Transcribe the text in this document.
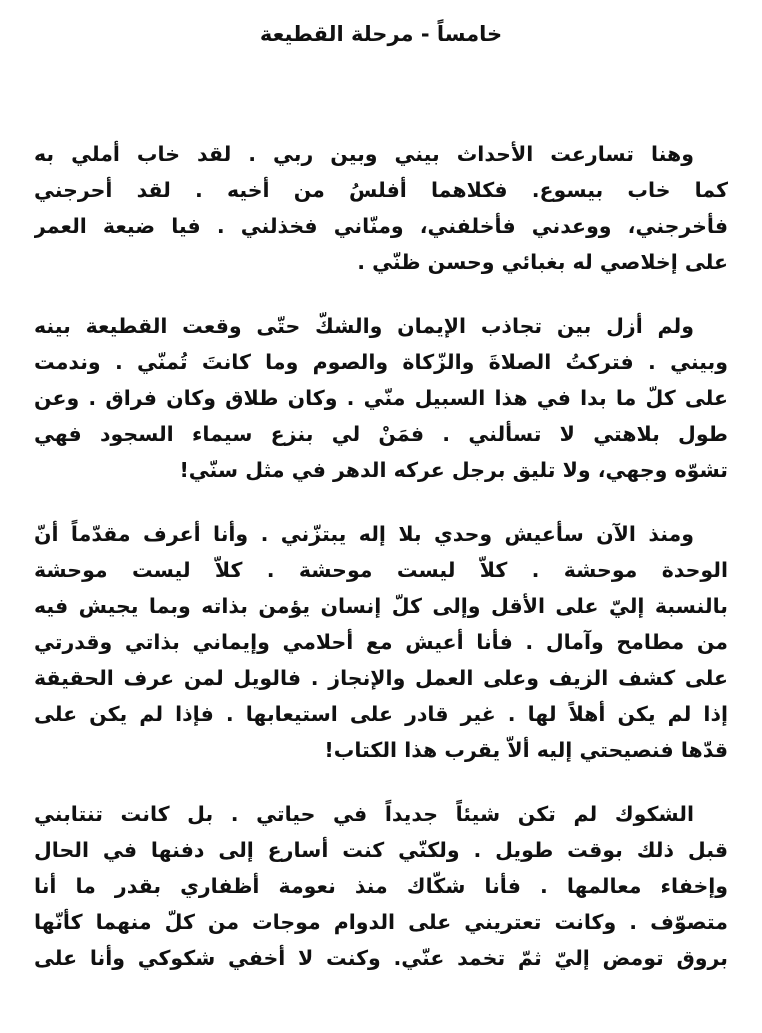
خامساً - مرحلة القطيعة
وهنا تسارعت الأحداث بيني وبين ربي . لقد خاب أملي به
كما خاب بيسوع. فكلاهما أفلسُ من أخيه . لقد أحرجني
فأخرجني، ووعدني فأخلفني، ومنّاني فخذلني . فيا ضيعة العمر
على إخلاصي له بغبائي وحسن ظنّي .
ولم أزل بين تجاذب الإيمان والشكّ حتّى وقعت القطيعة بينه
وبيني . فتركتُ الصلاةَ والزّكاة والصوم وما كانتَ تُمنّي . وندمت
على كلّ ما بدا في هذا السبيل منّي . وكان طلاق وكان فراق . وعن
طول بلاهتي لا تسألني . فمَنْ لي بنزع سيماء السجود فهي
تشوّه وجهي، ولا تليق برجل عركه الدهر في مثل سنّي!
ومنذ الآن سأعيش وحدي بلا إله يبتزّني . وأنا أعرف مقدّماً أنّ
الوحدة موحشة . كلاّ ليست موحشة . كلاّ ليست موحشة
بالنسبة إليّ على الأقل وإلى كلّ إنسان يؤمن بذاته وبما يجيش فيه
من مطامح وآمال . فأنا أعيش مع أحلامي وإيماني بذاتي وقدرتي
على كشف الزيف وعلى العمل والإنجاز . فالويل لمن عرف الحقيقة
إذا لم يكن أهلاً لها . غير قادر على استيعابها . فإذا لم يكن على
قدّها فنصيحتي إليه ألاّ يقرب هذا الكتاب!
الشكوك لم تكن شيئاً جديداً في حياتي . بل كانت تنتابني
قبل ذلك بوقت طويل . ولكنّي كنت أسارع إلى دفنها في الحال
وإخفاء معالمها . فأنا شكّاك منذ نعومة أظفاري بقدر ما أنا
متصوّف . وكانت تعتريني على الدوام موجات من كلّ منهما كأنّها
بروق تومض إليّ ثمّ تخمد عنّي. وكنت لا أخفي شكوكي وأنا على
